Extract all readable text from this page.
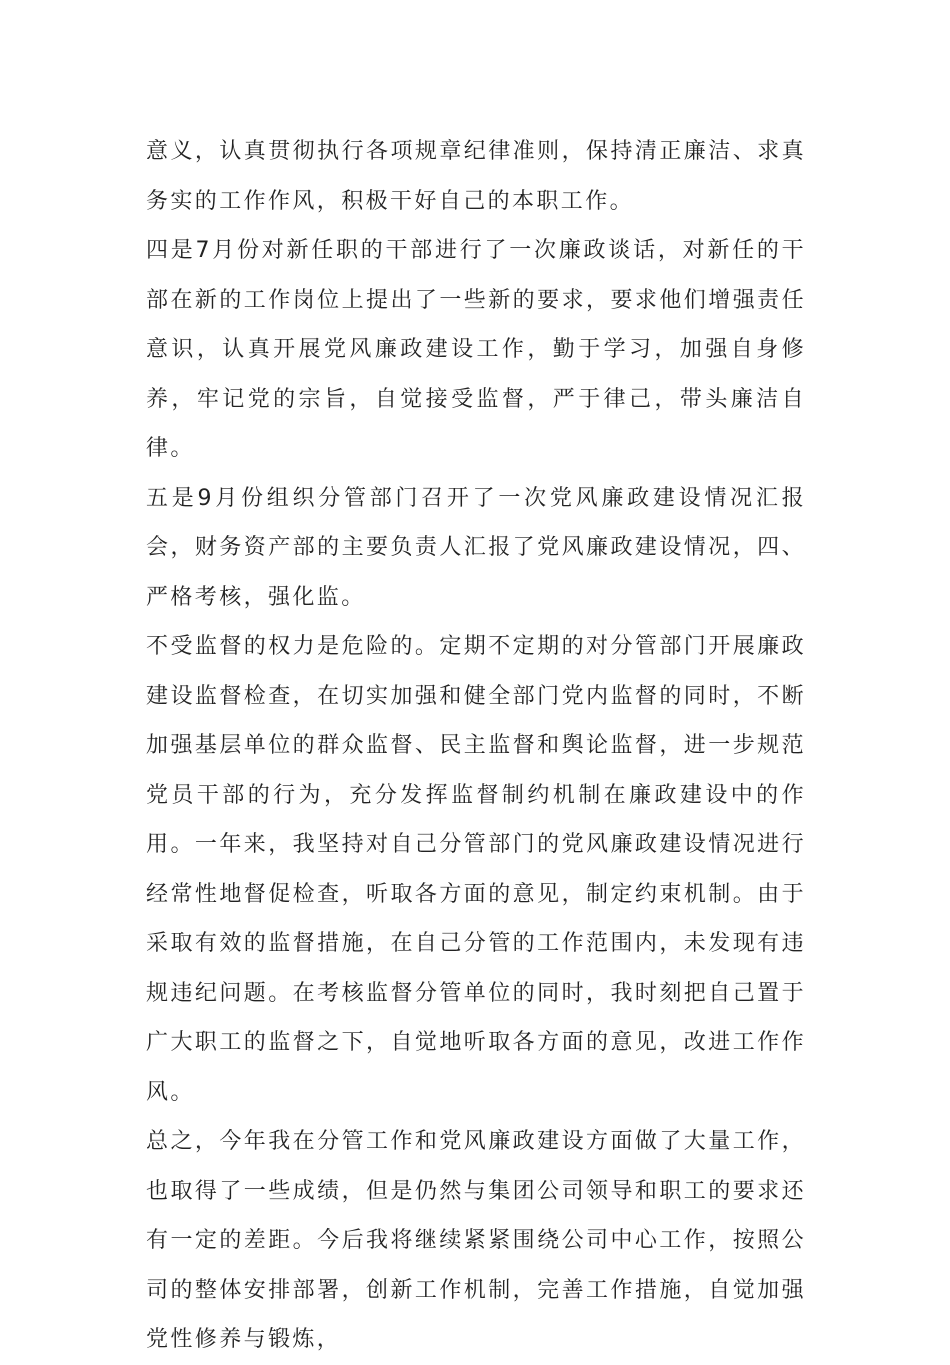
意义，认真贯彻执行各项规章纪律准则，保持清正廉洁、求真务实的工作作风，积极干好自己的本职工作。

四是7月份对新任职的干部进行了一次廉政谈话，对新任的干部在新的工作岗位上提出了一些新的要求，要求他们增强责任意识，认真开展党风廉政建设工作，勤于学习，加强自身修养，牢记党的宗旨，自觉接受监督，严于律己，带头廉洁自律。

五是9月份组织分管部门召开了一次党风廉政建设情况汇报会，财务资产部的主要负责人汇报了党风廉政建设情况，四、严格考核，强化监。

不受监督的权力是危险的。定期不定期的对分管部门开展廉政建设监督检查，在切实加强和健全部门党内监督的同时，不断加强基层单位的群众监督、民主监督和舆论监督，进一步规范党员干部的行为，充分发挥监督制约机制在廉政建设中的作用。一年来，我坚持对自己分管部门的党风廉政建设情况进行经常性地督促检查，听取各方面的意见，制定约束机制。由于采取有效的监督措施，在自己分管的工作范围内，未发现有违规违纪问题。在考核监督分管单位的同时，我时刻把自己置于广大职工的监督之下，自觉地听取各方面的意见，改进工作作风。

总之，今年我在分管工作和党风廉政建设方面做了大量工作，也取得了一些成绩，但是仍然与集团公司领导和职工的要求还有一定的差距。今后我将继续紧紧围绕公司中心工作，按照公司的整体安排部署，创新工作机制，完善工作措施，自觉加强党性修养与锻炼，
